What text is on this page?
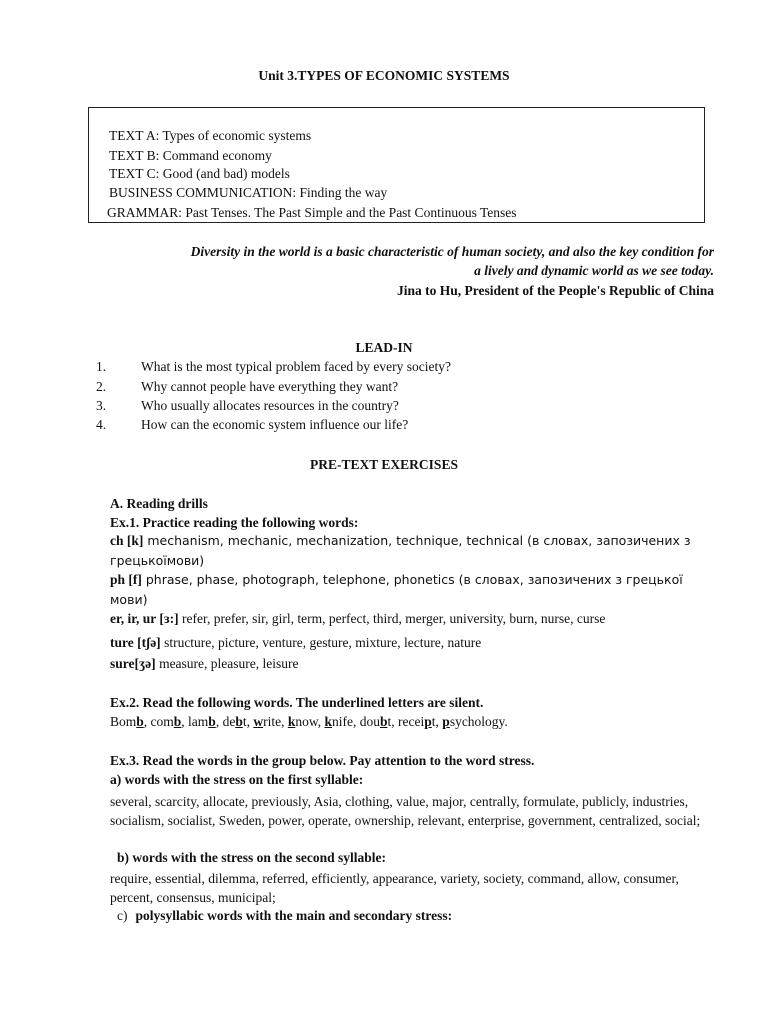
Unit 3.TYPES OF ECONOMIC SYSTEMS
TEXT A: Types of economic systems
TEXT B: Command economy
TEXT C: Good (and bad) models
BUSINESS COMMUNICATION: Finding the way
GRAMMAR: Past Tenses. The Past Simple and the Past Continuous Tenses
Diversity in the world is a basic characteristic of human society, and also the key condition for
a lively and dynamic world as we see today.
Jina to Hu, President of the People's Republic of China
LEAD-IN
1.	What is the most typical problem faced by every society?
2.	Why cannot people have everything they want?
3.	Who usually allocates resources in the country?
4.	How can the economic system influence our life?
PRE-TEXT EXERCISES
A. Reading drills
Ex.1. Practice reading the following words:
ch [k] mechanism, mechanic, mechanization, technique, technical (в словах, запозичених з
грецькоїмови)
ph [f] phrase, phase, photograph, telephone, phonetics (в словах, запозичених з грецької
мови)
er, ir, ur [ɜ:] refer, prefer, sir, girl, term, perfect, third, merger, university, burn, nurse, curse
ture [tʃə] structure, picture, venture, gesture, mixture, lecture, nature
sure[ʒə] measure, pleasure, leisure
Ex.2. Read the following words. The underlined letters are silent.
Bomb, comb, lamb, debt, write, know, knife, doubt, receipt, psychology.
Ex.3. Read the words in the group below. Pay attention to the word stress.
a) words with the stress on the first syllable:
several, scarcity, allocate, previously, Asia, clothing, value, major, centrally, formulate, publicly, industries, socialism, socialist, Sweden, power, operate, ownership, relevant, enterprise, government, centralized, social;
b) words with the stress on the second syllable:
require, essential, dilemma, referred, efficiently, appearance, variety, society, command, allow, consumer, percent, consensus, municipal;
c) polysyllabic words with the main and secondary stress:
